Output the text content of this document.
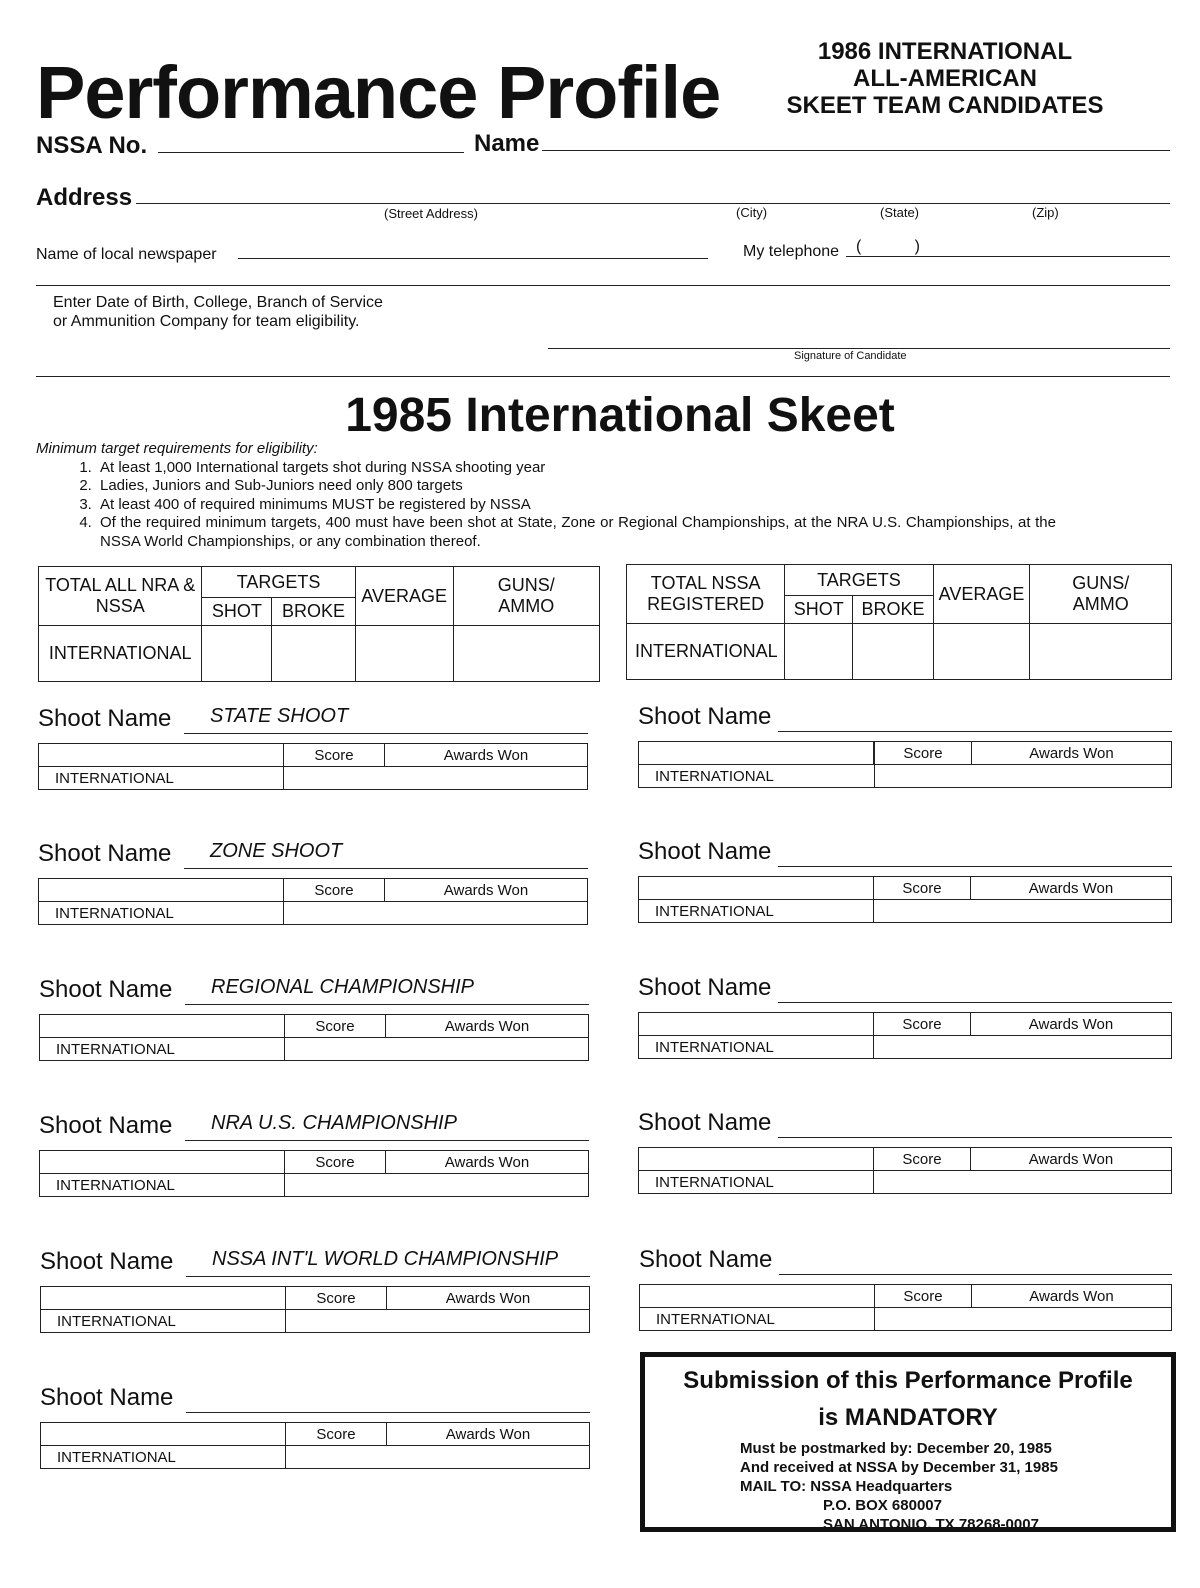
Performance Profile	1986 INTERNATIONAL
ALL-AMERICAN
SKEET TEAM CANDIDATES
NSSA No.	Name
Address
(Street Address)	(City)	(State)	(Zip)
Name of local newspaper	My telephone (            )
Enter Date of Birth, College, Branch of Service
or Ammunition Company for team eligibility.
Signature of Candidate
1985 International Skeet
Minimum target requirements for eligibility:
1. At least 1,000 International targets shot during NSSA shooting year
2. Ladies, Juniors and Sub-Juniors need only 800 targets
3. At least 400 of required minimums MUST be registered by NSSA
4. Of the required minimum targets, 400 must have been shot at State, Zone or Regional Championships, at the NRA U.S. Championships, at the NSSA World Championships, or any combination thereof.
TOTAL ALL NRA & NSSA	TARGETS		AVERAGE	GUNS/ AMMO
	SHOT	BROKE		
INTERNATIONAL				
TOTAL NSSA REGISTERED	TARGETS		AVERAGE	GUNS/ AMMO
	SHOT	BROKE		
INTERNATIONAL				
Shoot Name STATE SHOOT
	Score	Awards Won
INTERNATIONAL		
Shoot Name ZONE SHOOT
	Score	Awards Won
INTERNATIONAL		
Shoot Name REGIONAL CHAMPIONSHIP
	Score	Awards Won
INTERNATIONAL		
Shoot Name NRA U.S. CHAMPIONSHIP
	Score	Awards Won
INTERNATIONAL		
Shoot Name NSSA INT'L WORLD CHAMPIONSHIP
	Score	Awards Won
INTERNATIONAL		
Shoot Name
	Score	Awards Won
INTERNATIONAL		
Shoot Name
		Score	Awards Won
INTERNATIONAL		
Shoot Name
	Score	Awards Won
INTERNATIONAL		
Shoot Name
	Score	Awards Won
INTERNATIONAL		
Shoot Name
	Score	Awards Won
INTERNATIONAL		
Shoot Name
	Score	Awards Won
INTERNATIONAL		
Submission of this Performance Profile
is MANDATORY
Must be postmarked by: December 20, 1985
And received at NSSA by December 31, 1985
MAIL TO: NSSA Headquarters
P.O. BOX 680007
SAN ANTONIO, TX 78268-0007
